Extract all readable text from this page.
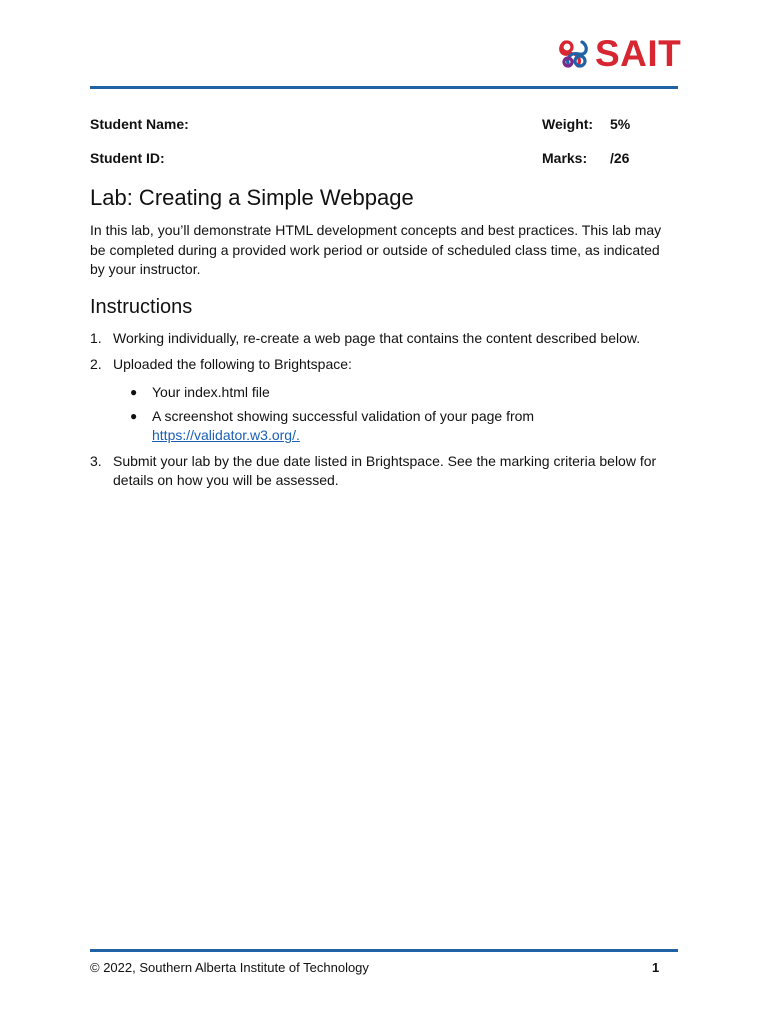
SAIT
Student Name:	Weight: 5%
Student ID:	Marks: /26
Lab: Creating a Simple Webpage

In this lab, you’ll demonstrate HTML development concepts and best practices. This lab may be completed during a provided work period or outside of scheduled class time, as indicated by your instructor.

Instructions
1. Working individually, re-create a web page that contains the content described below.
2. Uploaded the following to Brightspace:
● Your index.html file
● A screenshot showing successful validation of your page from
https://validator.w3.org/.
3. Submit your lab by the due date listed in Brightspace. See the marking criteria below for details on how you will be assessed.
© 2022, Southern Alberta Institute of Technology	1
